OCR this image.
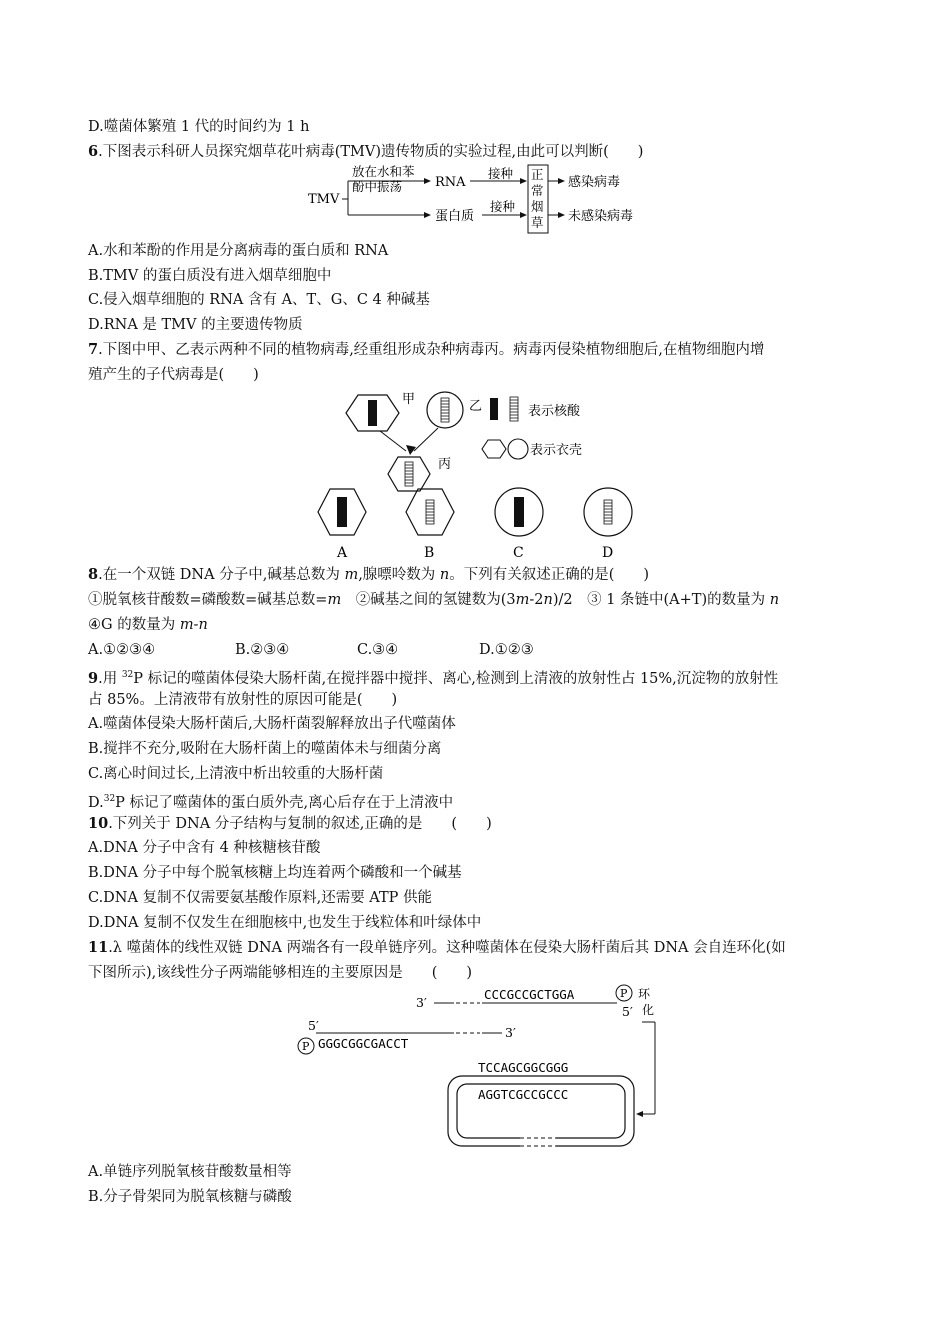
D.噬菌体繁殖 1 代的时间约为 1 h
6.下图表示科研人员探究烟草花叶病毒(TMV)遗传物质的实验过程,由此可以判断(　　)
TMV
放在水和苯
酚中振荡	RNA
蛋白质
接种
接种
正
常
烟
草
感染病毒
未感染病毒
A.水和苯酚的作用是分离病毒的蛋白质和 RNA
B.TMV 的蛋白质没有进入烟草细胞中
C.侵入烟草细胞的 RNA 含有 A、T、G、C 4 种碱基
D.RNA 是 TMV 的主要遗传物质
7.下图中甲、乙表示两种不同的植物病毒,经重组形成杂种病毒丙。病毒丙侵染植物细胞后,在植物细胞内增
殖产生的子代病毒是(　　)
甲	乙
丙
表示核酸
表示衣壳
A	B	C	D
8.在一个双链 DNA 分子中,碱基总数为 m,腺嘌呤数为 n。下列有关叙述正确的是(　　)
①脱氧核苷酸数=磷酸数=碱基总数=m　②碱基之间的氢键数为(3m-2n)/2　③ 1 条链中(A+T)的数量为 n
④G 的数量为 m-n
A.①②③④	B.②③④	C.③④	D.①②③
9.用 $^{32}$P 标记的噬菌体侵染大肠杆菌,在搅拌器中搅拌、离心,检测到上清液的放射性占 15%,沉淀物的放射性
占 85%。上清液带有放射性的原因可能是(　　)
A.噬菌体侵染大肠杆菌后,大肠杆菌裂解释放出子代噬菌体
B.搅拌不充分,吸附在大肠杆菌上的噬菌体未与细菌分离
C.离心时间过长,上清液中析出较重的大肠杆菌
D.$^{32}$P 标记了噬菌体的蛋白质外壳,离心后存在于上清液中
10.下列关于 DNA 分子结构与复制的叙述,正确的是　　(　　)
A.DNA 分子中含有 4 种核糖核苷酸
B.DNA 分子中每个脱氧核糖上均连着两个磷酸和一个碱基
C.DNA 复制不仅需要氨基酸作原料,还需要 ATP 供能
D.DNA 复制不仅发生在细胞核中,也发生于线粒体和叶绿体中
11.λ 噬菌体的线性双链 DNA 两端各有一段单链序列。这种噬菌体在侵染大肠杆菌后其 DNA 会自连环化(如
下图所示),该线性分子两端能够相连的主要原因是　　(　　)
3′
CCCGCCGCTGGA	P
5′
环
化
5′	3′
P GGGCGGCGACCT
TCCAGCGGCGGG
AGGTCGCCGCCC
A.单链序列脱氧核苷酸数量相等
B.分子骨架同为脱氧核糖与磷酸
